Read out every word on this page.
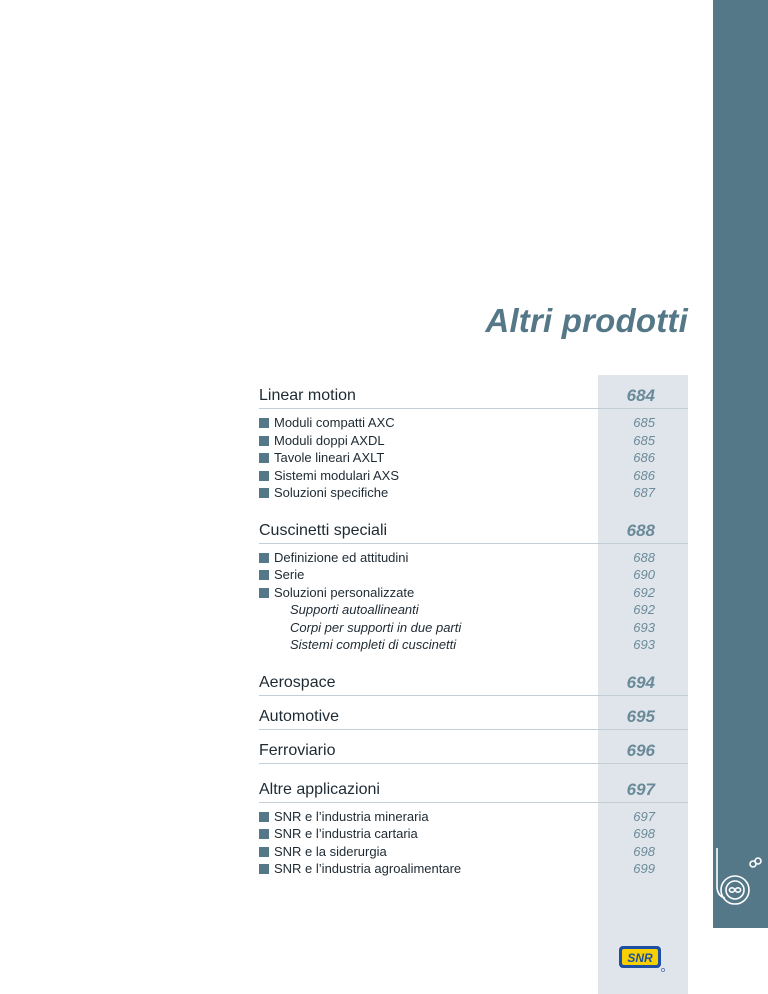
Altri prodotti
Linear motion	684
Moduli compatti AXC	685
Moduli doppi AXDL	685
Tavole lineari AXLT	686
Sistemi modulari AXS	686
Soluzioni specifiche	687
Cuscinetti speciali	688
Definizione ed attitudini	688
Serie	690
Soluzioni personalizzate	692
Supporti autoallineanti	692
Corpi per supporti in due parti	693
Sistemi completi di cuscinetti	693
Aerospace	694
Automotive	695
Ferroviario	696
Altre applicazioni	697
SNR e l’industria mineraria	697
SNR e l’industria cartaria	698
SNR e la siderurgia	698
SNR e l’industria agroalimentare	699
SNR
